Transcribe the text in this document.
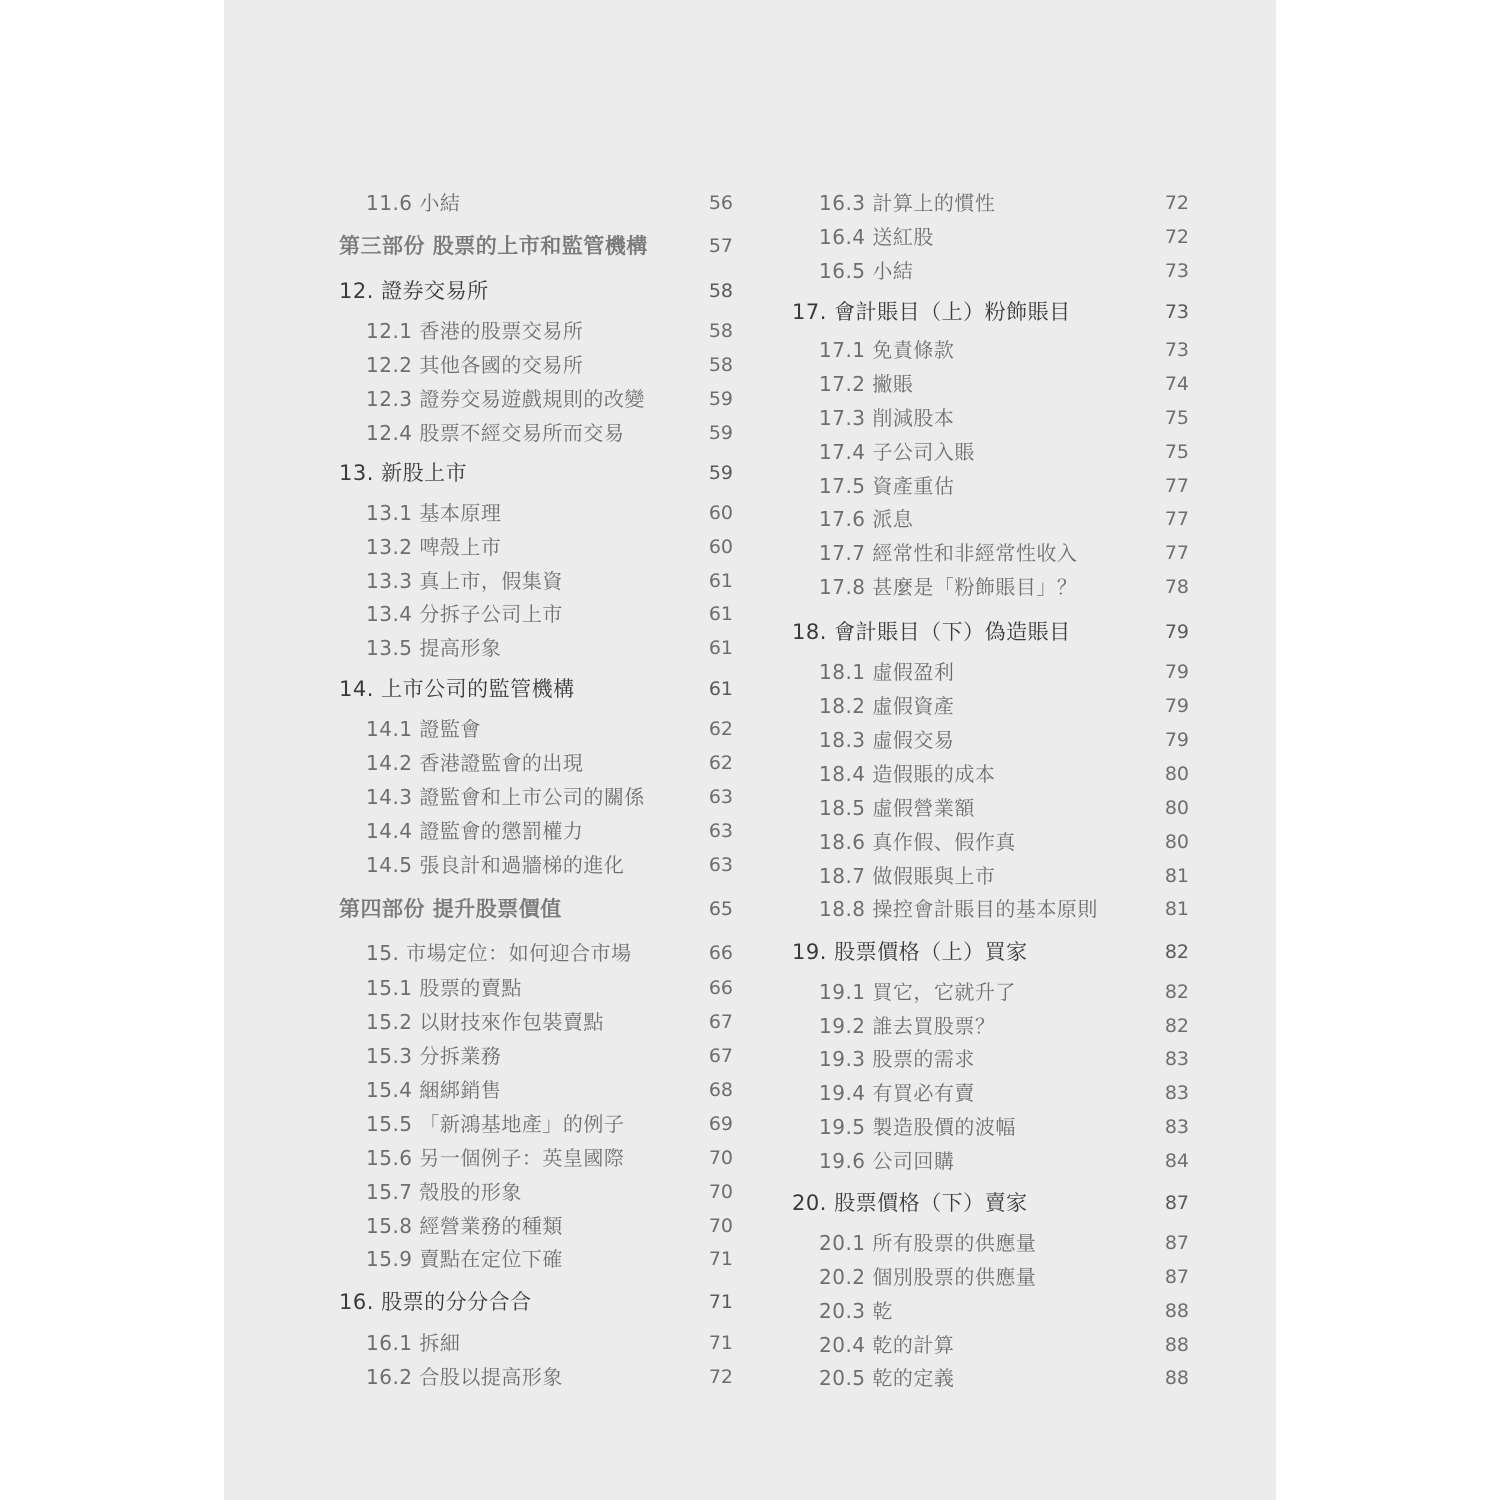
11.6 小結	56
第三部份 股票的上市和監管機構	57
12. 證券交易所	58
12.1 香港的股票交易所	58
12.2 其他各國的交易所	58
12.3 證券交易遊戲規則的改變	59
12.4 股票不經交易所而交易	59
13. 新股上市	59
13.1 基本原理	60
13.2 啤殼上市	60
13.3 真上市，假集資	61
13.4 分拆子公司上市	61
13.5 提高形象	61
14. 上市公司的監管機構	61
14.1 證監會	62
14.2 香港證監會的出現	62
14.3 證監會和上市公司的關係	63
14.4 證監會的懲罰權力	63
14.5 張良計和過牆梯的進化	63
第四部份 提升股票價值	65
15. 市場定位：如何迎合市場	66
15.1 股票的賣點	66
15.2 以財技來作包裝賣點	67
15.3 分拆業務	67
15.4 綑綁銷售	68
15.5 「新鴻基地產」的例子	69
15.6 另一個例子：英皇國際	70
15.7 殼股的形象	70
15.8 經營業務的種類	70
15.9 賣點在定位下確	71
16. 股票的分分合合	71
16.1 拆細	71
16.2 合股以提高形象	72
16.3 計算上的慣性	72
16.4 送紅股	72
16.5 小結	73
17. 會計賬目（上）粉飾賬目	73
17.1 免責條款	73
17.2 撇賬	74
17.3 削減股本	75
17.4 子公司入賬	75
17.5 資產重估	77
17.6 派息	77
17.7 經常性和非經常性收入	77
17.8 甚麼是「粉飾賬目」？	78
18. 會計賬目（下）偽造賬目	79
18.1 虛假盈利	79
18.2 虛假資產	79
18.3 虛假交易	79
18.4 造假賬的成本	80
18.5 虛假營業額	80
18.6 真作假、假作真	80
18.7 做假賬與上市	81
18.8 操控會計賬目的基本原則	81
19. 股票價格（上）買家	82
19.1 買它，它就升了	82
19.2 誰去買股票？	82
19.3 股票的需求	83
19.4 有買必有賣	83
19.5 製造股價的波幅	83
19.6 公司回購	84
20. 股票價格（下）賣家	87
20.1 所有股票的供應量	87
20.2 個別股票的供應量	87
20.3 乾	88
20.4 乾的計算	88
20.5 乾的定義	88
